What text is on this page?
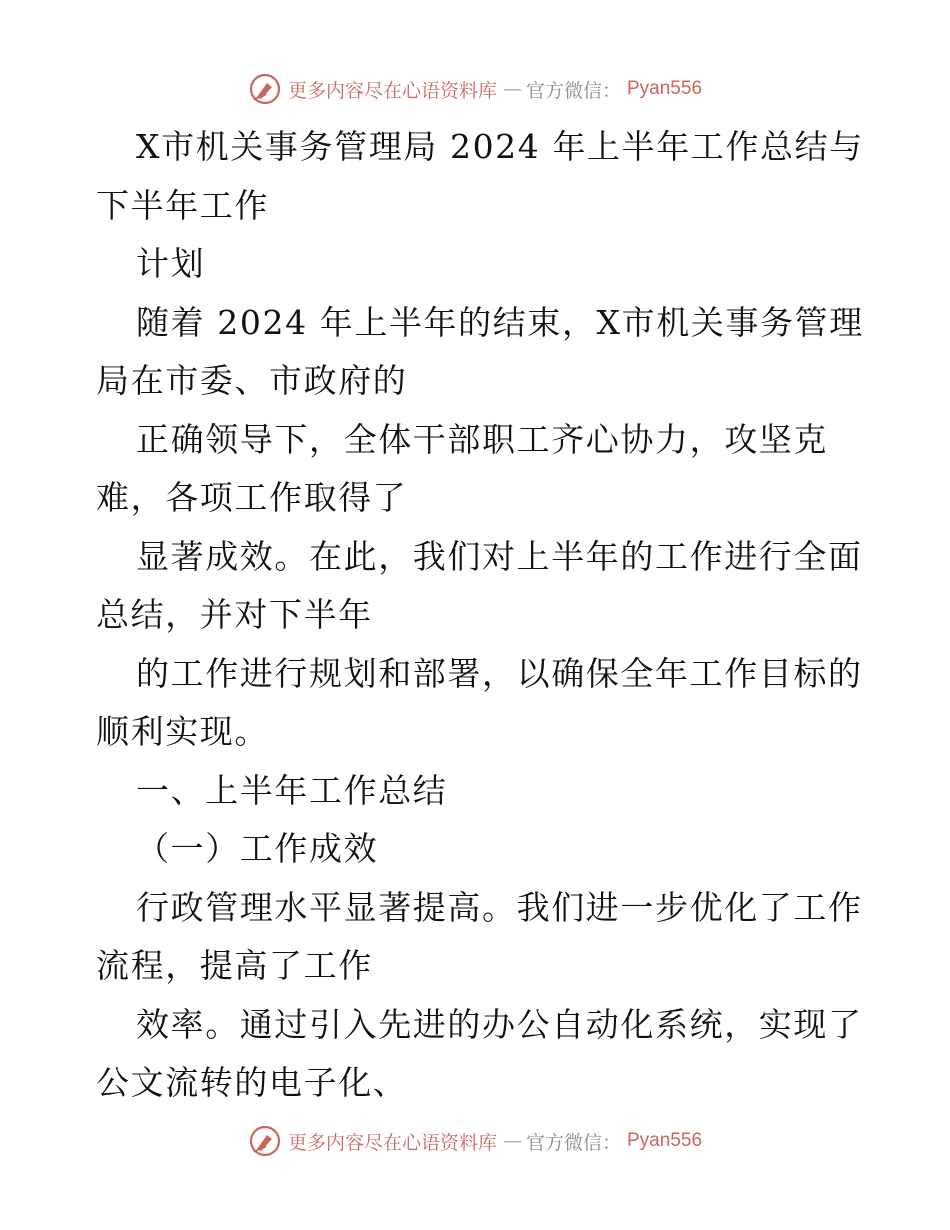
更多内容尽在心语资料库 — 官方微信： Pyan556
X市机关事务管理局 2024 年上半年工作总结与
下半年工作
计划
随着 2024 年上半年的结束，X市机关事务管理
局在市委、市政府的
正确领导下，全体干部职工齐心协力，攻坚克
难，各项工作取得了
显著成效。在此，我们对上半年的工作进行全面
总结，并对下半年
的工作进行规划和部署，以确保全年工作目标的
顺利实现。
一、上半年工作总结
（一）工作成效
行政管理水平显著提高。我们进一步优化了工作
流程，提高了工作
效率。通过引入先进的办公自动化系统，实现了
公文流转的电子化、
更多内容尽在心语资料库 — 官方微信： Pyan556
